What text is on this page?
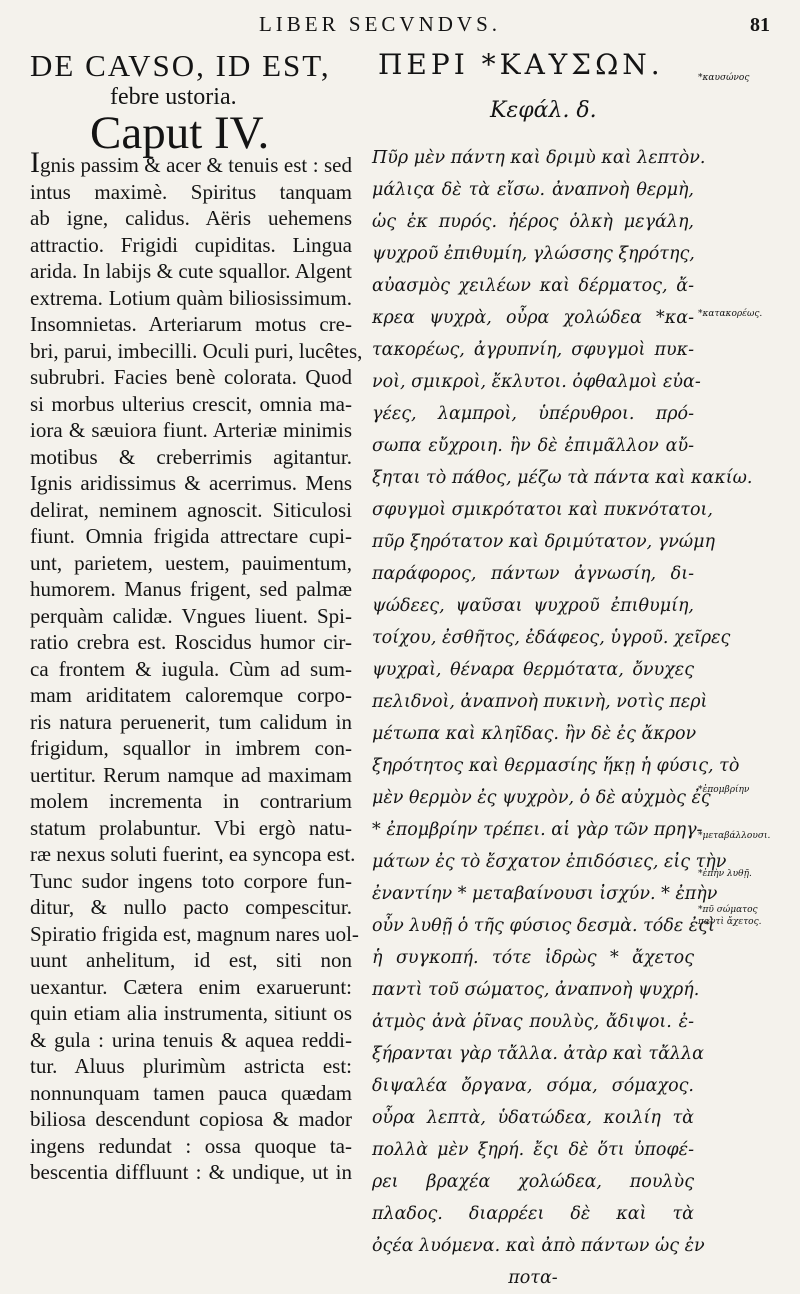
LIBER SECVNDVS.	81
DE CAVSO, ID EST, ΠΕΡΙ *ΚΑΥΣΩΝ.
febre ustoria.
Caput IV.	Κεφάλ. δ.
Ignis passim & acer & tenuis est : sed
intus maximè. Spiritus tanquam
ab igne, calidus. Aëris uehemens
attractio. Frigidi cupiditas. Lingua
arida. In labijs & cute squallor. Algent
extrema. Lotium quàm biliosissimum.
Insomnietas. Arteriarum motus cre-
bri, parui, imbecilli. Oculi puri, lucêtes,
subrubri. Facies benè colorata. Quod
si morbus ulterius crescit, omnia ma-
iora & sæuiora fiunt. Arteriæ minimis
motibus & creberrimis agitantur.
Ignis aridissimus & acerrimus. Mens
delirat, neminem agnoscit. Siticulosi
fiunt. Omnia frigida attrectare cupi-
unt, parietem, uestem, pauimentum,
humorem. Manus frigent, sed palmæ
perquàm calidæ. Vngues liuent. Spi-
ratio crebra est. Roscidus humor cir-
ca frontem & iugula. Cùm ad sum-
mam ariditatem caloremque corpo-
ris natura peruenerit, tum calidum in
frigidum, squallor in imbrem con-
uertitur. Rerum namque ad maximam
molem incrementa in contrarium
statum prolabuntur. Vbi ergò natu-
ræ nexus soluti fuerint, ea syncopa est.
Tunc sudor ingens toto corpore fun-
ditur, & nullo pacto compescitur.
Spiratio frigida est, magnum nares uol-
uunt anhelitum, id est, siti non
uexantur. Cætera enim exaruerunt:
quin etiam alia instrumenta, sitiunt os
& gula : urina tenuis & aquea reddi-
tur. Aluus plurimùm astricta est:
nonnunquam tamen pauca quædam
biliosa descendunt copiosa & mador
ingens redundat : ossa quoque ta-
bescentia diffluunt : & undique, ut in
Πῦρ μὲν πάντη καὶ δριμὺ καὶ λεπτὸν.
μάλιςα δὲ τὰ εἴσω. ἀναπνοὴ θερμὴ,
ὡς ἐκ πυρός. ἠέρος ὁλκὴ μεγάλη,
ψυχροῦ ἐπιθυμίη, γλώσσης ξηρότης,
αὐασμὸς χειλέων καὶ δέρματος, ἄ-
κρεα ψυχρὰ, οὖρα χολώδεα *κα-
τακορέως, ἀγρυπνίη, σφυγμοὶ πυκ-
νοὶ, σμικροὶ, ἔκλυτοι. ὀφθαλμοὶ εὐα-
γέες, λαμπροὶ, ὑπέρυθροι. πρό-
σωπα εὔχροιη. ἢν δὲ ἐπιμᾶλλον αὔ-
ξηται τὸ πάθος, μέζω τὰ πάντα καὶ κακίω.
σφυγμοὶ σμικρότατοι καὶ πυκνότατοι,
πῦρ ξηρότατον καὶ δριμύτατον, γνώμη
παράφορος, πάντων ἀγνωσίη, δι-
ψώδεες, ψαῦσαι ψυχροῦ ἐπιθυμίη,
τοίχου, ἐσθῆτος, ἐδάφεος, ὑγροῦ. χεῖρες
ψυχραὶ, θέναρα θερμότατα, ὄνυχες
πελιδνοὶ, ἀναπνοὴ πυκινὴ, νοτὶς περὶ
μέτωπα καὶ κληῖδας. ἢν δὲ ἐς ἄκρον
ξηρότητος καὶ θερμασίης ἥκῃ ἡ φύσις, τὸ
μὲν θερμὸν ἐς ψυχρὸν, ὁ δὲ αὐχμὸς ἐς
* ἐπομβρίην τρέπει. αἱ γὰρ τῶν πρηγ-
μάτων ἐς τὸ ἔσχατον ἐπιδόσιες, εἰς τὴν
ἐναντίην * μεταβαίνουσι ἰσχύν. * ἐπὴν
οὖν λυθῇ ὁ τῆς φύσιος δεσμὰ. τόδε ἐςὶ
ἡ συγκοπή. τότε ἱδρὼς * ἄχετος
παντὶ τοῦ σώματος, ἀναπνοὴ ψυχρή.
ἀτμὸς ἀνὰ ῥῖνας πουλὺς, ἄδιψοι. ἐ-
ξήρανται γὰρ τἄλλα. ἀτὰρ καὶ τἄλλα
διψαλέα ὄργανα, σόμα, σόμαχος.
οὖρα λεπτὰ, ὑδατώδεα, κοιλίη τὰ
πολλὰ μὲν ξηρή. ἔςι δὲ ὅτι ὑποφέ-
ρει βραχέα χολώδεα, πουλὺς
πλαδος. διαρρέει δὲ καὶ τὰ
ὀςέα λυόμενα. καὶ ἀπὸ πάντων ὡς ἐν
ποτα-
*καυσώνος
*κατακορέως.
*ἐπομβρίην
*μεταβάλλουσι.
*ἐπὴν λυθῇ.
*πῦ σώματος παντὶ ἄχετος.
